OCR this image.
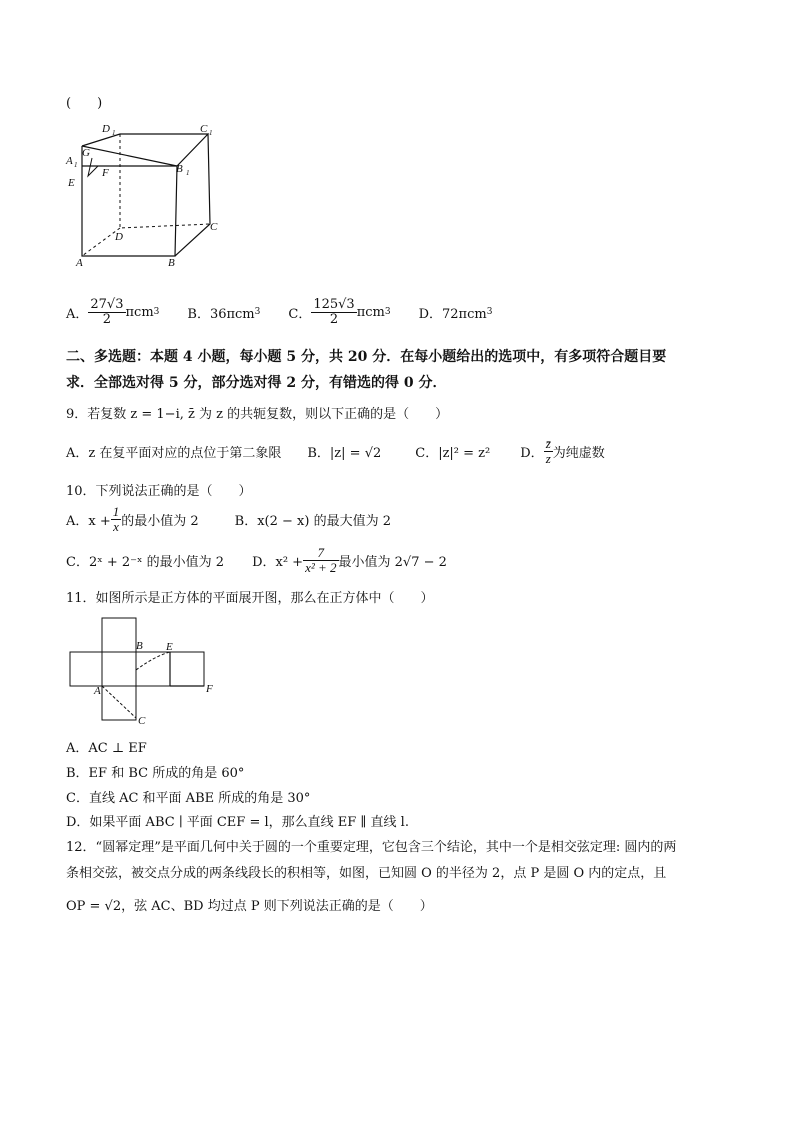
(　　)
D 1	C 1
A 1
G
F
E
B 1
D
C
A	B
A． $\frac{27√3}{2}$ πcm 3 B．36πcm 3 C． $\frac{125√3}{2}$ πcm 3 D．72πcm 3
二、多选题：本题 4 小题，每小题 5 分，共 20 分．在每小题给出的选项中，有多项符合题目要
求．全部选对得 5 分，部分选对得 2 分，有错选的得 0 分．
9．若复数 z = 1−i, z̄ 为 z 的共轭复数，则以下正确的是（　　）
A．z 在复平面对应的点位于第二象限 B．|z| = √2	C．|z|² = z² D． $\frac{z̄}{z}$ 为纯虚数
10．下列说法正确的是（　　）
A．$x + \frac{1}{x}$ 的最小值为 2	B．x(2 − x) 的最大值为 2
C．2ˣ + 2⁻ˣ 的最小值为 2 D．$x^2 + \frac{7}{\text{x² + 2}}$ 最小值为 2√7 − 2
11．如图所示是正方体的平面展开图，那么在正方体中（　　）
B E
A	F
C
A．AC ⊥ EF
B．EF 和 BC 所成的角是 60°
C．直线 AC 和平面 ABE 所成的角是 30°
D．如果平面 ABC ∣ 平面 CEF = l，那么直线 EF ∥ 直线 l.
12．“圆幂定理”是平面几何中关于圆的一个重要定理，它包含三个结论，其中一个是相交弦定理: 圆内的两
条相交弦，被交点分成的两条线段长的积相等，如图，已知圆 O 的半径为 2，点 P 是圆 O 内的定点，且
OP = √2，弦 AC、BD 均过点 P 则下列说法正确的是（　　）
